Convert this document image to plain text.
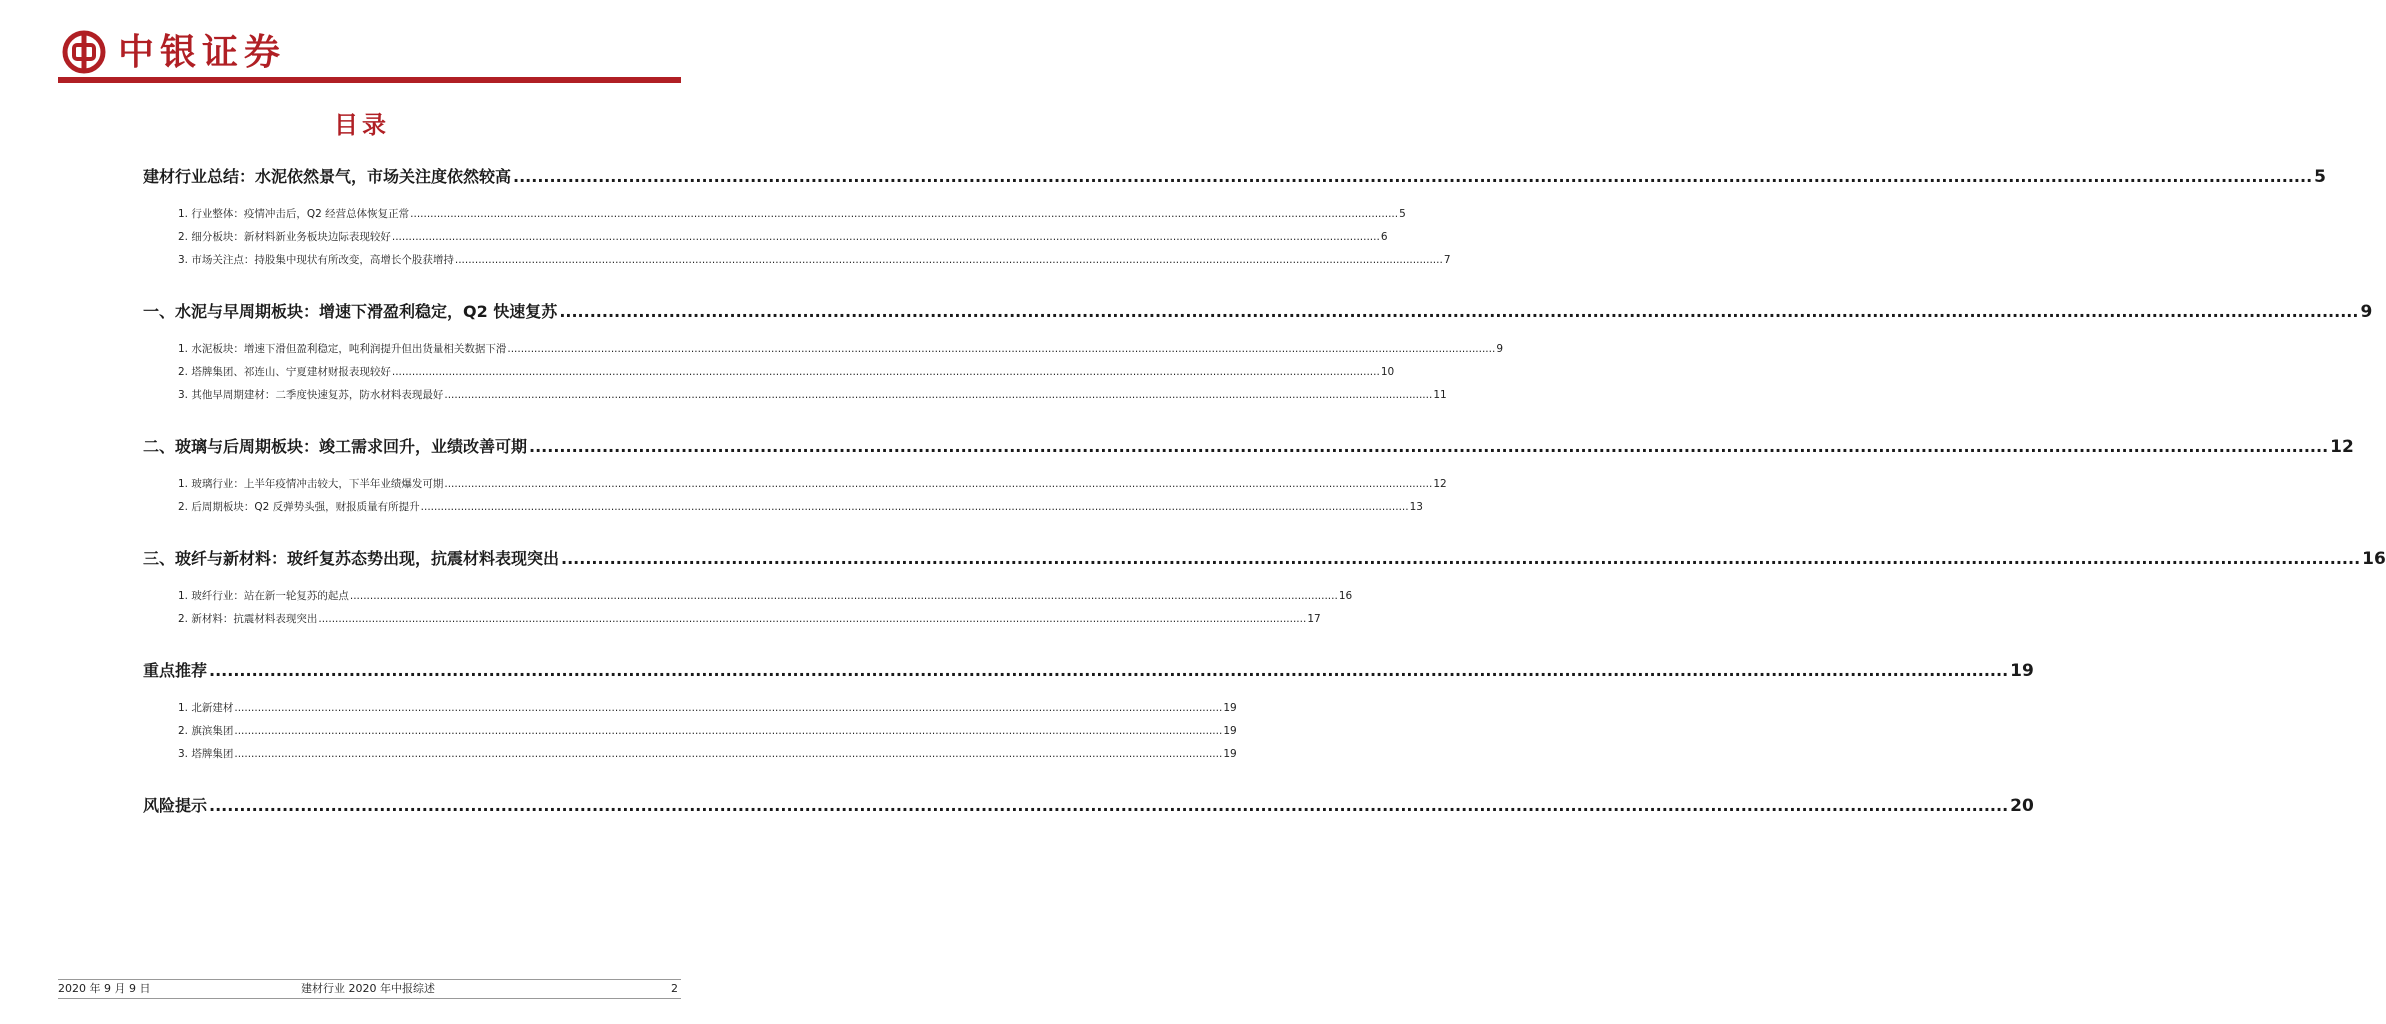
中银证券
目录
建材行业总结：水泥依然景气，市场关注度依然较高 .....	5
1. 行业整体：疫情冲击后，Q2 经营总体恢复正常 .....	5
2. 细分板块：新材料新业务板块边际表现较好 .....	6
3. 市场关注点：持股集中现状有所改变，高增长个股获增持 .....	7
一、水泥与早周期板块：增速下滑盈利稳定，Q2 快速复苏 .....	9
1. 水泥板块：增速下滑但盈利稳定，吨利润提升但出货量相关数据下滑 .....	9
2. 塔牌集团、祁连山、宁夏建材财报表现较好 .....	10
3. 其他早周期建材：二季度快速复苏，防水材料表现最好 .....	11
二、玻璃与后周期板块：竣工需求回升，业绩改善可期 .....	12
1. 玻璃行业：上半年疫情冲击较大，下半年业绩爆发可期 .....	12
2. 后周期板块：Q2 反弹势头强，财报质量有所提升 .....	13
三、玻纤与新材料：玻纤复苏态势出现，抗震材料表现突出 .....	16
1. 玻纤行业：站在新一轮复苏的起点 .....	16
2. 新材料：抗震材料表现突出 .....	17
重点推荐 .....	19
1. 北新建材 .....	19
2. 旗滨集团 .....	19
3. 塔牌集团 .....	19
风险提示 .....	20
2020 年 9 月 9 日	建材行业 2020 年中报综述	2
